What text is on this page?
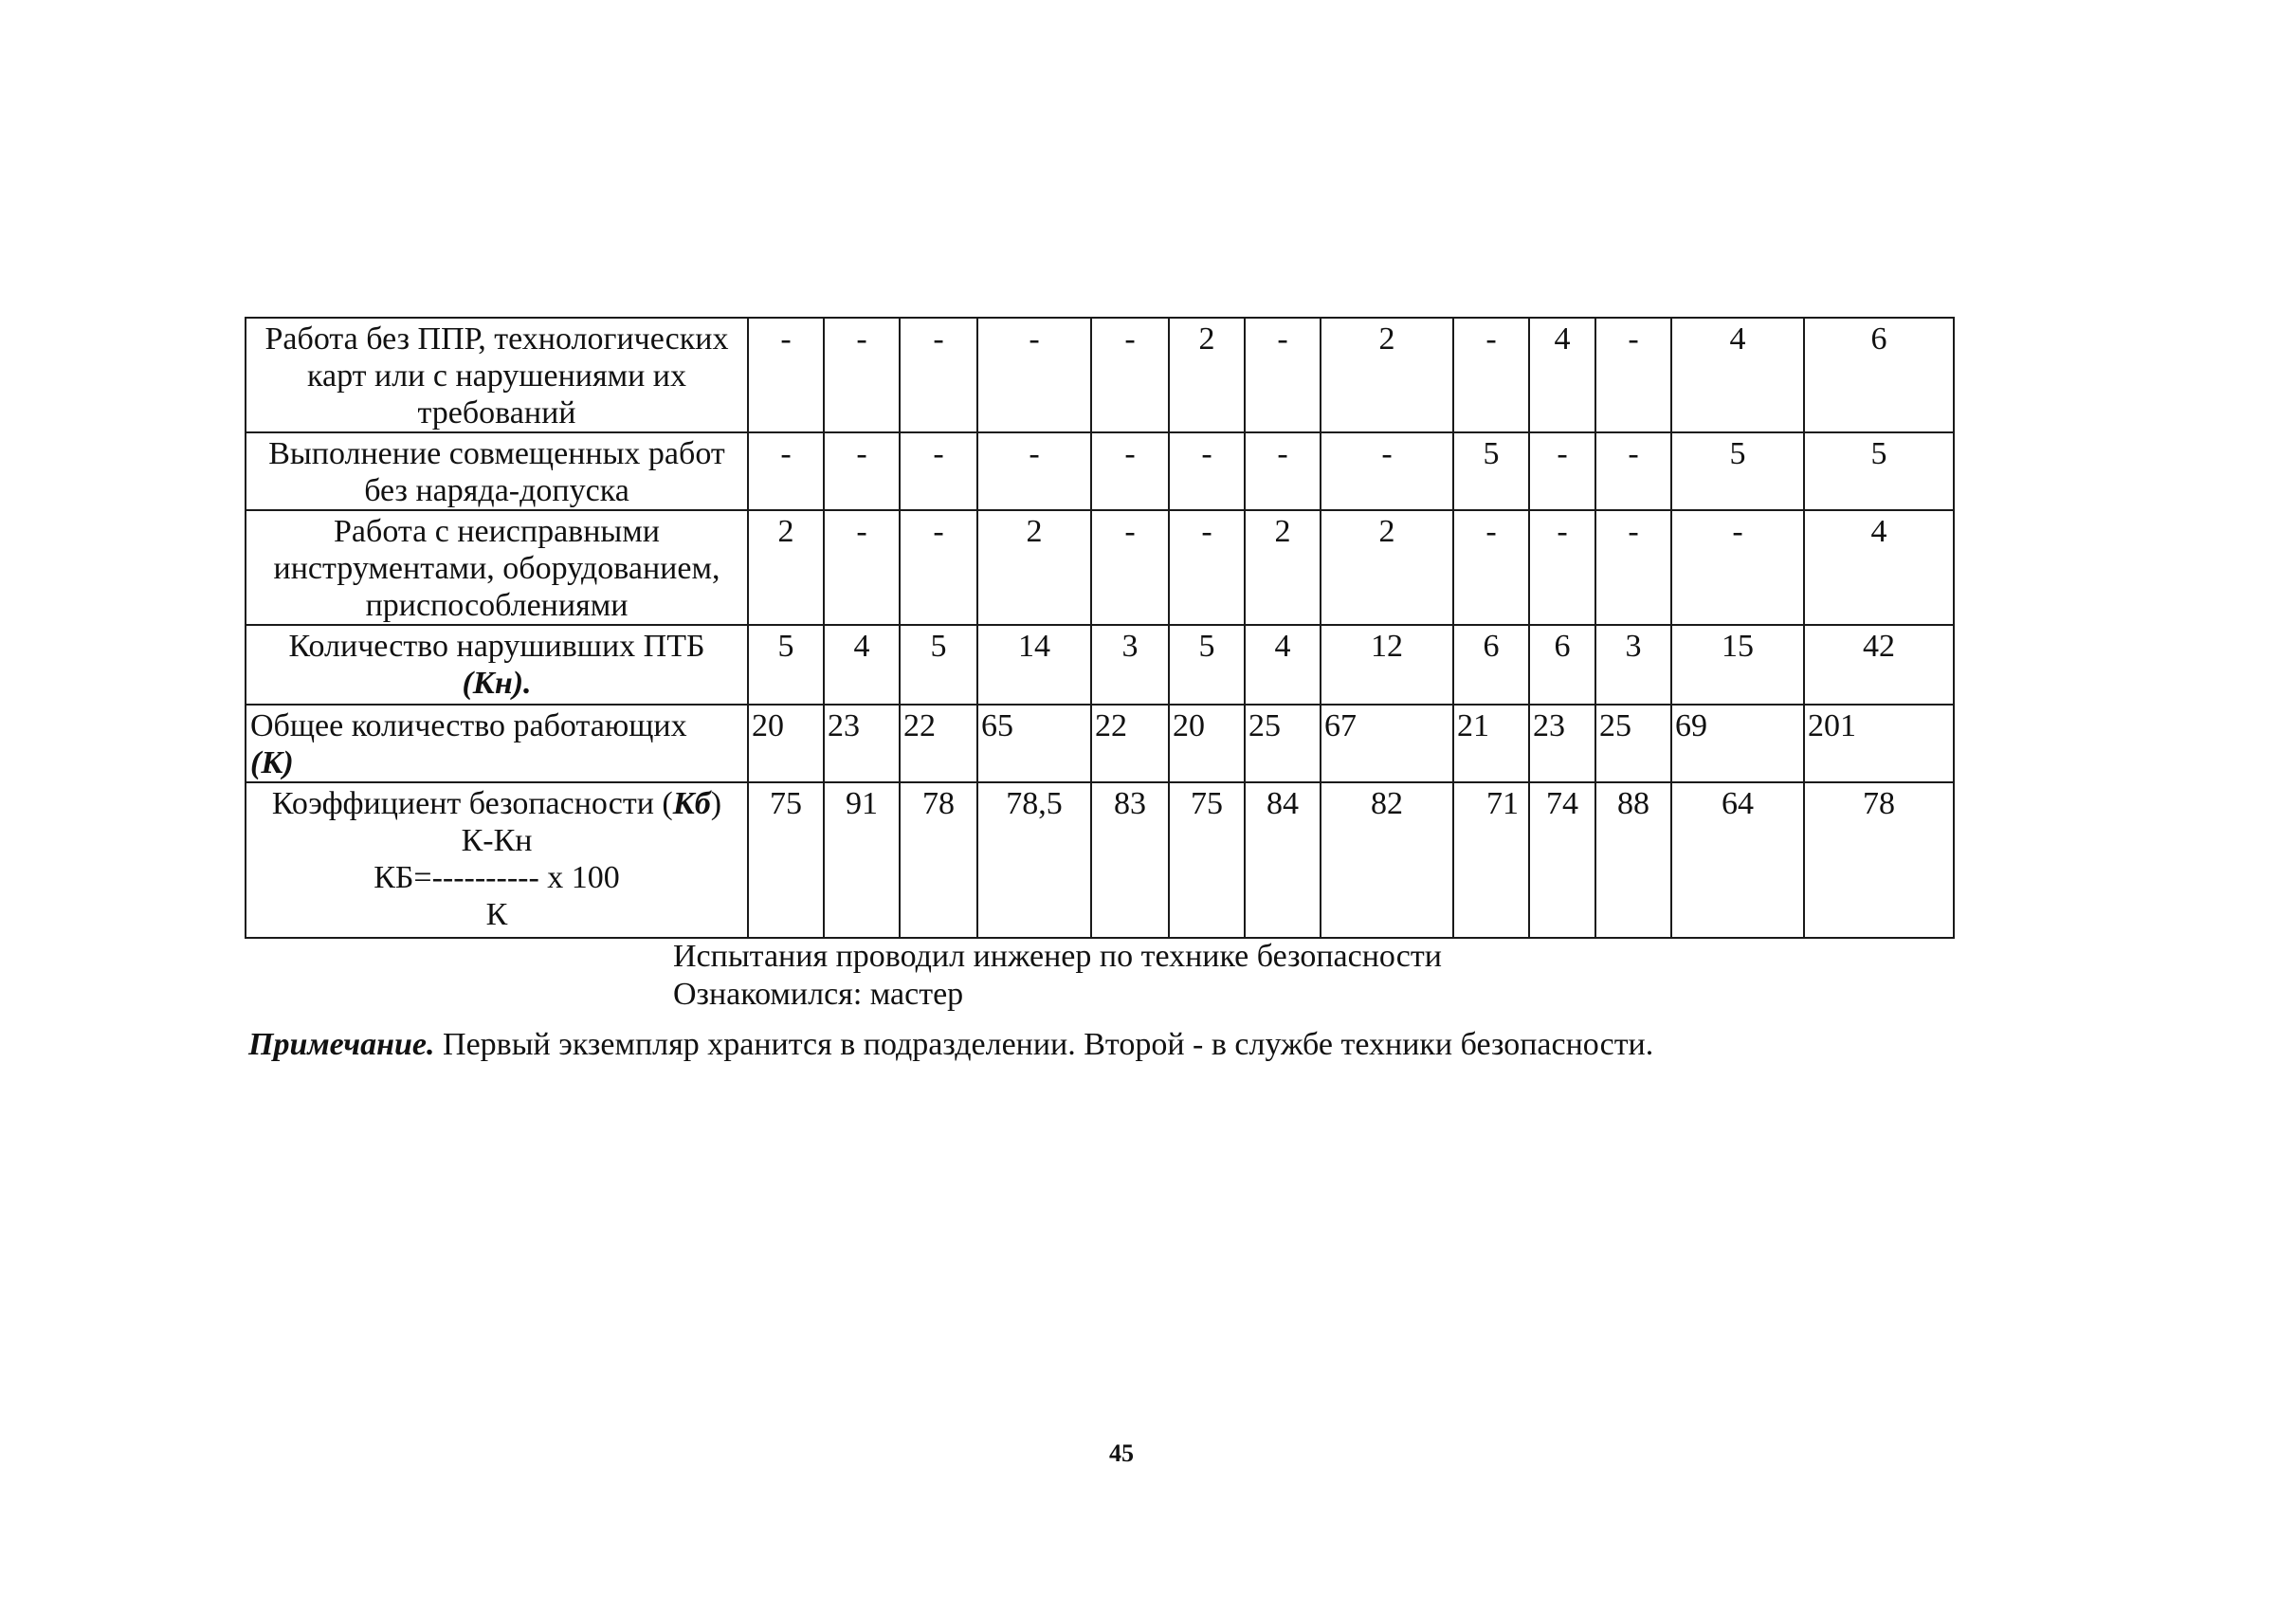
Работа без ППР, технологических карт или с нарушениями их требований	-	-	-	-	-	2	-	2	-	4	-	4	6
Выполнение совмещенных работ без наряда-допуска	-	-	-	-	-	-	-	-	5	-	-	5	5
Работа с неисправными инструментами, оборудованием, приспособлениями	2	-	-	2	-	-	2	2	-	-	-	-	4
Количество нарушивших ПТБ
(Кн).	5	4	5	14	3	5	4	12	6	6	3	15	42
Общее количество работающих
(К)	20	23	22	65	22	20	25	67	21	23	25	69	201

Коэффициент безопасности (Кб)
К-Кн
КБ=---------- х 100
К	75	91	78	78,5	83	75	84	82	71	74	88	64	78
Испытания проводил инженер по технике безопасности
Ознакомился: мастер
Примечание. Первый экземпляр хранится в подразделении. Второй - в службе техники безопасности.
45
